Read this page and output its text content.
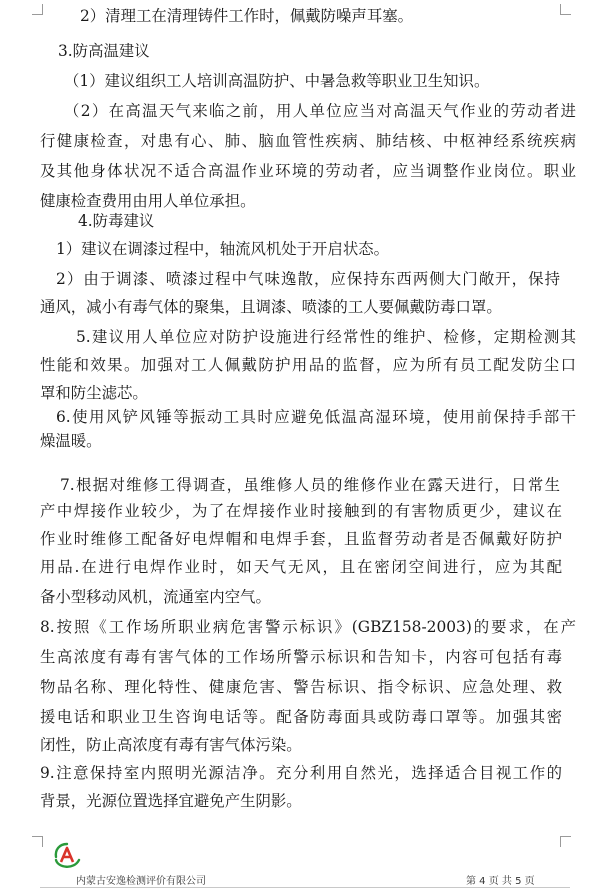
2）清理工在清理铸件工作时，佩戴防噪声耳塞。
3.防高温建议
（1）建议组织工人培训高温防护、中暑急救等职业卫生知识。
（2）在高温天气来临之前，用人单位应当对高温天气作业的劳动者进
行健康检查，对患有心、肺、脑血管性疾病、肺结核、中枢神经系统疾病
及其他身体状况不适合高温作业环境的劳动者，应当调整作业岗位。职业
健康检查费用由用人单位承担。
4.防毒建议
1）建议在调漆过程中，轴流风机处于开启状态。
2）由于调漆、喷漆过程中气味逸散，应保持东西两侧大门敞开，保持
通风，减小有毒气体的聚集，且调漆、喷漆的工人要佩戴防毒口罩。
5.建议用人单位应对防护设施进行经常性的维护、检修，定期检测其
性能和效果。加强对工人佩戴防护用品的监督，应为所有员工配发防尘口
罩和防尘滤芯。
6.使用风铲风锤等振动工具时应避免低温高湿环境，使用前保持手部干
燥温暖。
7.根据对维修工得调查，虽维修人员的维修作业在露天进行，日常生
产中焊接作业较少，为了在焊接作业时接触到的有害物质更少，建议在
作业时维修工配备好电焊帽和电焊手套，且监督劳动者是否佩戴好防护
用品.在进行电焊作业时，如天气无风，且在密闭空间进行，应为其配
备小型移动风机，流通室内空气。
8.按照《工作场所职业病危害警示标识》(GBZ158-2003)的要求，在产
生高浓度有毒有害气体的工作场所警示标识和告知卡，内容可包括有毒
物品名称、理化特性、健康危害、警告标识、指令标识、应急处理、救
援电话和职业卫生咨询电话等。配备防毒面具或防毒口罩等。加强其密
闭性，防止高浓度有毒有害气体污染。
9.注意保持室内照明光源洁净。充分利用自然光，选择适合目视工作的
背景，光源位置选择宜避免产生阴影。
内蒙古安逸检测评价有限公司	第 4 页 共 5 页
